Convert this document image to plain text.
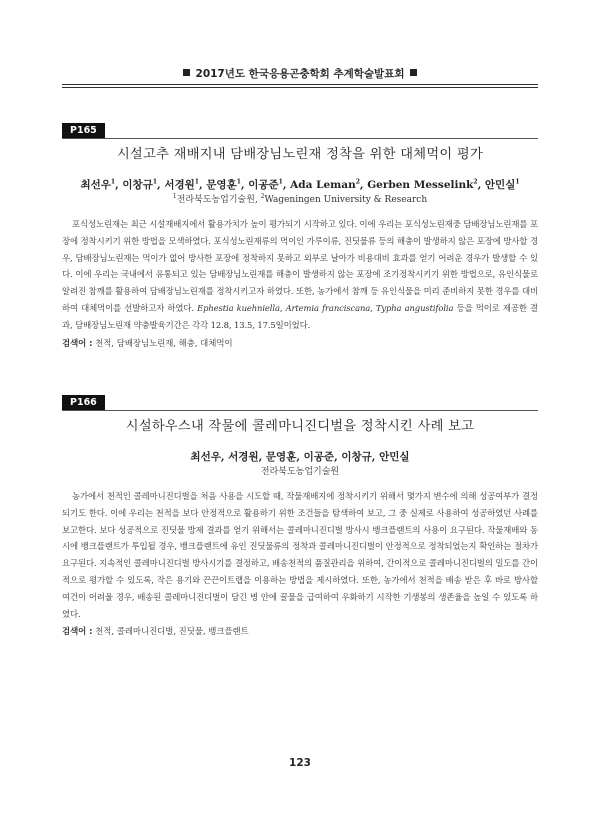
2017년도 한국응용곤충학회 추계학술발표회
P165
시설고추 재배지내 담배장님노린재 정착을 위한 대체먹이 평가
최선우$^1$, 이창규$^1$, 서경원$^1$, 문영훈$^1$, 이공준$^1$, Ada Leman$^2$, Gerben Messelink$^2$, 안민실$^1$
$^1$전라북도농업기술원, $^2$Wageningen University & Research
포식성노린재는 최근 시설재배지에서 활용가치가 높이 평가되기 시작하고 있다. 이에 우리는 포식성노린재중 담배장님노린재를 포장에 정착시키기 위한 방법을 모색하였다. 포식성노린재류의 먹이인 가루이류, 진딧물류 등의 해충이 발생하지 않은 포장에 방사할 경우, 담배장님노린재는 먹이가 없어 방사한 포장에 정착하지 못하고 외부로 날아가 비용대비 효과를 얻기 어려운 경우가 발생할 수 있다. 이에 우리는 국내에서 유통되고 있는 담배장님노린재를 해충이 발생하지 않는 포장에 조기정착시키기 위한 방법으로, 유인식물로 알려진 참깨를 활용하여 담배장님노린재를 정착시키고자 하였다. 또한, 농가에서 참깨 등 유인식물을 미리 준비하지 못한 경우를 대비하여 대체먹이를 선발하고자 하였다. Ephestia kuehniella, Artemia franciscana, Typha angustifolia 등을 먹이로 제공한 결과, 담배장님노린재 약충발육기간은 각각 12.8, 13.5, 17.5일이었다.
검색어 : 천적, 담배장님노린재, 해충, 대체먹이
P166
시설하우스내 작물에 콜레마니진디벌을 정착시킨 사례 보고
최선우, 서경원, 문영훈, 이공준, 이창규, 안민실
전라북도농업기술원
농가에서 천적인 콜레마니진디벌을 처음 사용을 시도할 때, 작물재배지에 정착시키기 위해서 몇가지 변수에 의해 성공여부가 결정되기도 한다. 이에 우리는 천적을 보다 안정적으로 활용하기 위한 조건들을 탐색하여 보고, 그 중 실제로 사용하여 성공하였던 사례를 보고한다. 보다 성공적으로 진딧물 방제 결과를 얻기 위해서는 콜레마니진디벌 방사시 뱅크플랜트의 사용이 요구된다. 작물재배와 동시에 뱅크플랜트가 투입될 경우, 뱅크플랜트에 유인 진딧물류의 정착과 콜레마니진디벌이 안정적으로 정착되었는지 확인하는 절차가 요구된다. 지속적인 콜레마니진디벌 방사시기를 결정하고, 배송천적의 품질관리을 위하여, 간이적으로 콜레마니진디벌의 밀도를 간이적으로 평가할 수 있도록, 작은 용기와 끈끈이트랩을 이용하는 방법을 제시하였다. 또한, 농가에서 천적을 배송 받은 후 바로 방사할 여건이 어려울 경우, 배송된 콜레마니진디벌이 담긴 병 안에 꿀물을 급여하여 우화하기 시작한 기생봉의 생존율을 높일 수 있도록 하였다.
검색어 : 천적, 콜레마니진디벌, 진딧물, 뱅크플랜트
123
